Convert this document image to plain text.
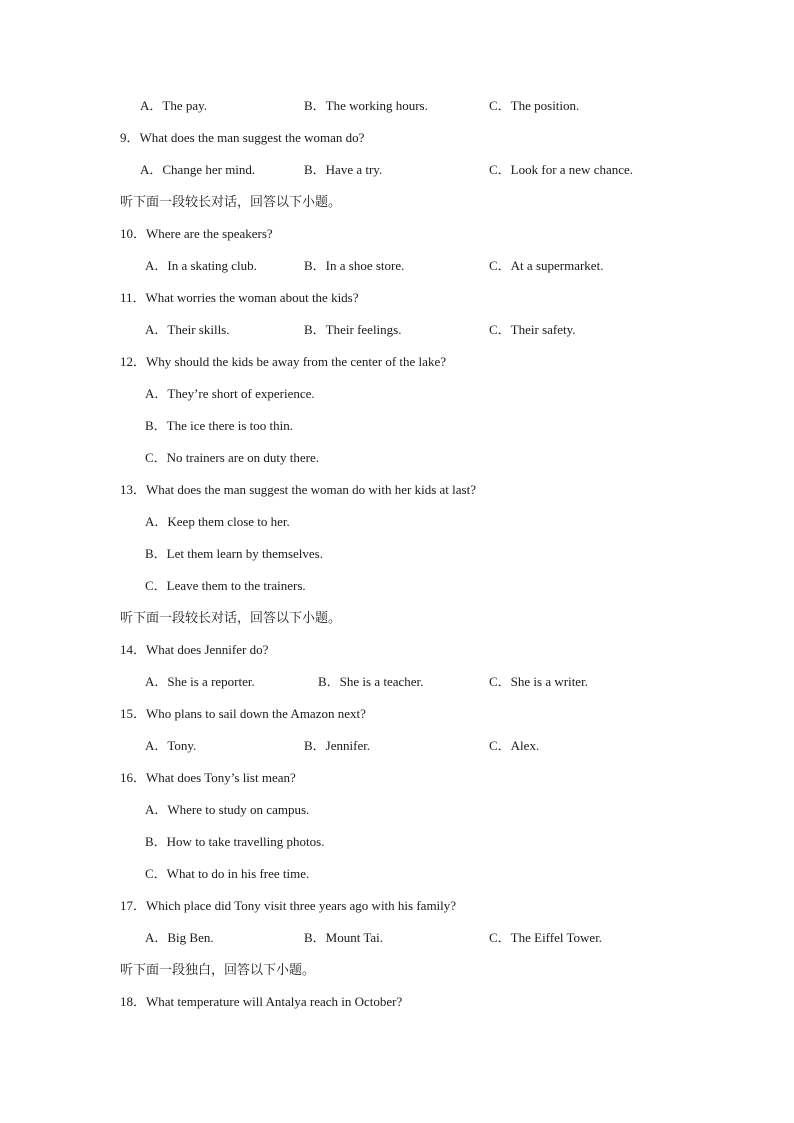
A．The pay.	B．The working hours.	C．The position.
9．What does the man suggest the woman do?
A．Change her mind.	B．Have a try.	C．Look for a new chance.
听下面一段较长对话，回答以下小题。
10．Where are the speakers?
A．In a skating club.	B．In a shoe store.	C．At a supermarket.
11．What worries the woman about the kids?
A．Their skills.	B．Their feelings.	C．Their safety.
12．Why should the kids be away from the center of the lake?
A．They’re short of experience.
B．The ice there is too thin.
C．No trainers are on duty there.
13．What does the man suggest the woman do with her kids at last?
A．Keep them close to her.
B．Let them learn by themselves.
C．Leave them to the trainers.
听下面一段较长对话，回答以下小题。
14．What does Jennifer do?
A．She is a reporter.	B．She is a teacher.	C．She is a writer.
15．Who plans to sail down the Amazon next?
A．Tony.	B．Jennifer.	C．Alex.
16．What does Tony’s list mean?
A．Where to study on campus.
B．How to take travelling photos.
C．What to do in his free time.
17．Which place did Tony visit three years ago with his family?
A．Big Ben.	B．Mount Tai.	C．The Eiffel Tower.
听下面一段独白，回答以下小题。
18．What temperature will Antalya reach in October?
